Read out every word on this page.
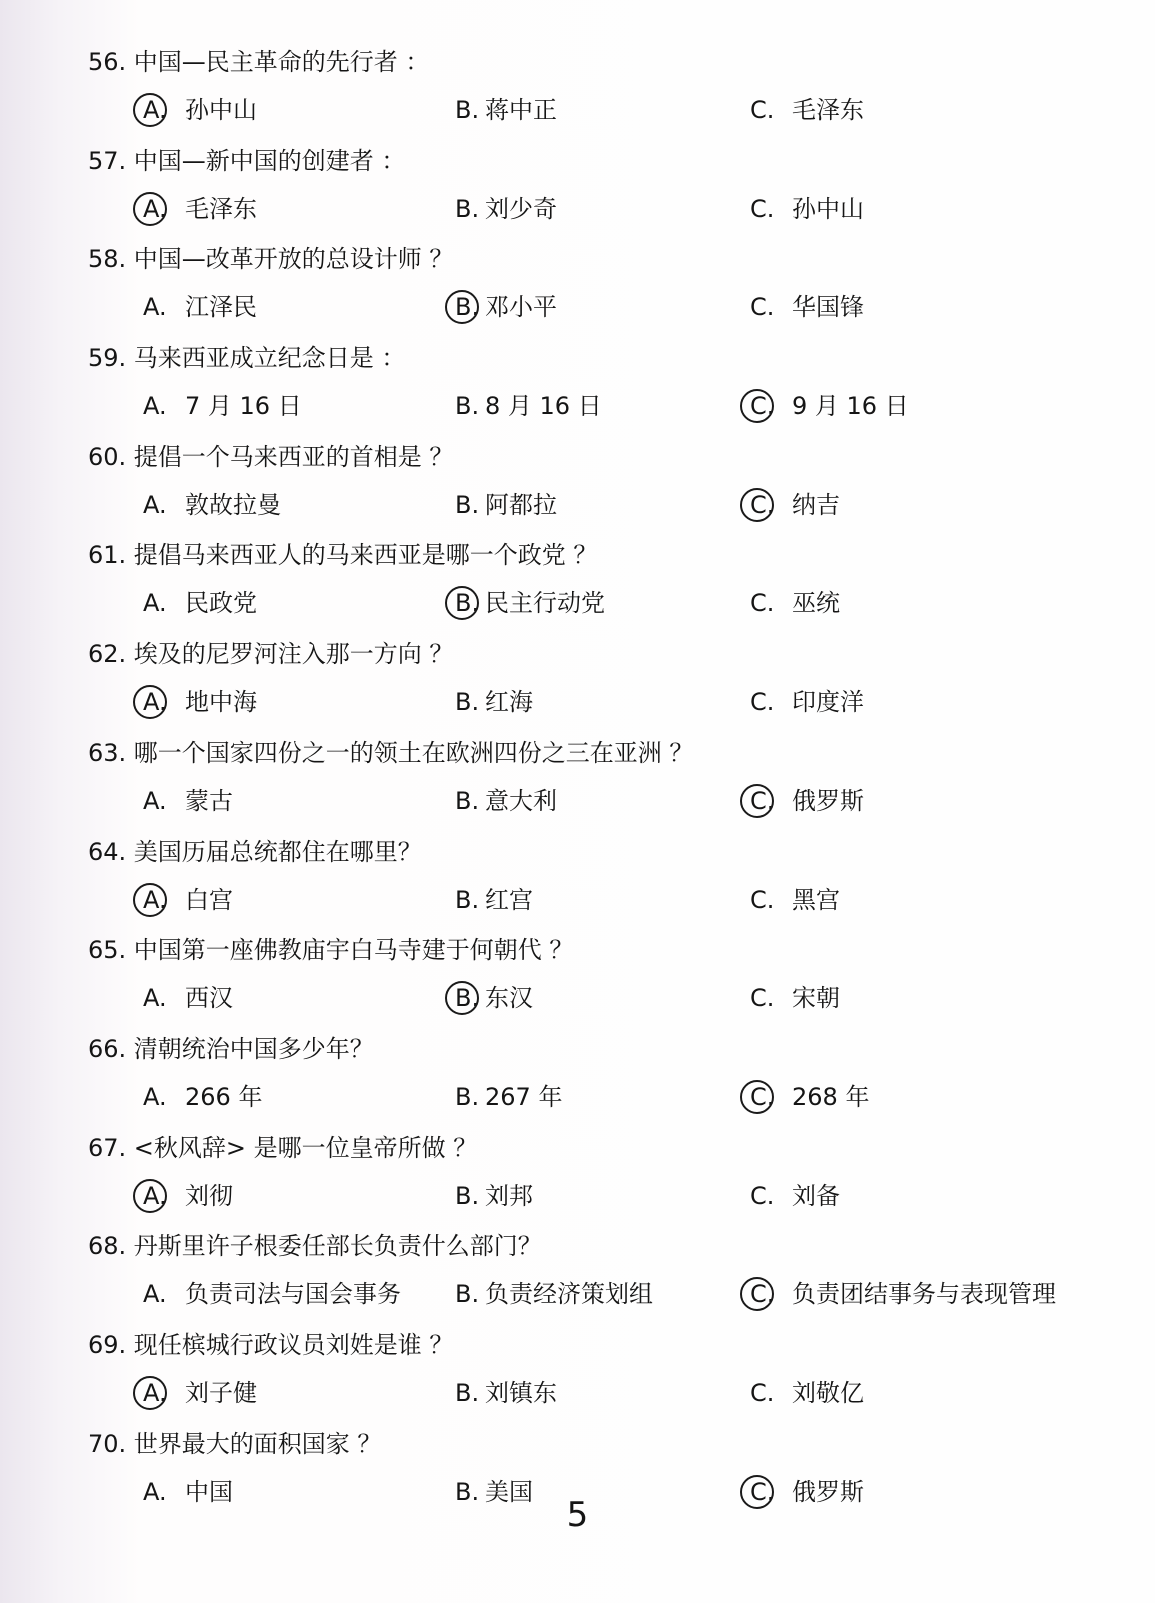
56. 中国—民主革命的先行者 ：
A. 孙中山	B. 蒋中正	C. 毛泽东
57. 中国—新中国的创建者 ：
A. 毛泽东	B. 刘少奇	C. 孙中山
58. 中国—改革开放的总设计师 ？
A. 江泽民	B. 邓小平	C. 华国锋
59. 马来西亚成立纪念日是 ：
A. 7 月 16 日	B. 8 月 16 日	C. 9 月 16 日
60. 提倡一个马来西亚的首相是 ？
A. 敦故拉曼	B. 阿都拉	C. 纳吉
61. 提倡马来西亚人的马来西亚是哪一个政党 ？
A. 民政党	B. 民主行动党	C. 巫统
62. 埃及的尼罗河注入那一方向 ？
A. 地中海	B. 红海	C. 印度洋
63. 哪一个国家四份之一的领土在欧洲四份之三在亚洲 ？
A. 蒙古	B. 意大利	C. 俄罗斯
64. 美国历届总统都住在哪里？
A. 白宫	B. 红宫	C. 黑宫
65. 中国第一座佛教庙宇白马寺建于何朝代 ？
A. 西汉	B. 东汉	C. 宋朝
66. 清朝统治中国多少年？
A. 266 年	B. 267 年	C. 268 年
67. <秋风辞> 是哪一位皇帝所做 ？
A. 刘彻	B. 刘邦	C. 刘备
68. 丹斯里许子根委任部长负责什么部门？
A. 负责司法与国会事务 B. 负责经济策划组	C. 负责团结事务与表现管理
69. 现任槟城行政议员刘姓是谁 ？
A. 刘子健	B. 刘镇东	C. 刘敬亿
70. 世界最大的面积国家 ？
A. 中国	B. 美国	C. 俄罗斯
5
